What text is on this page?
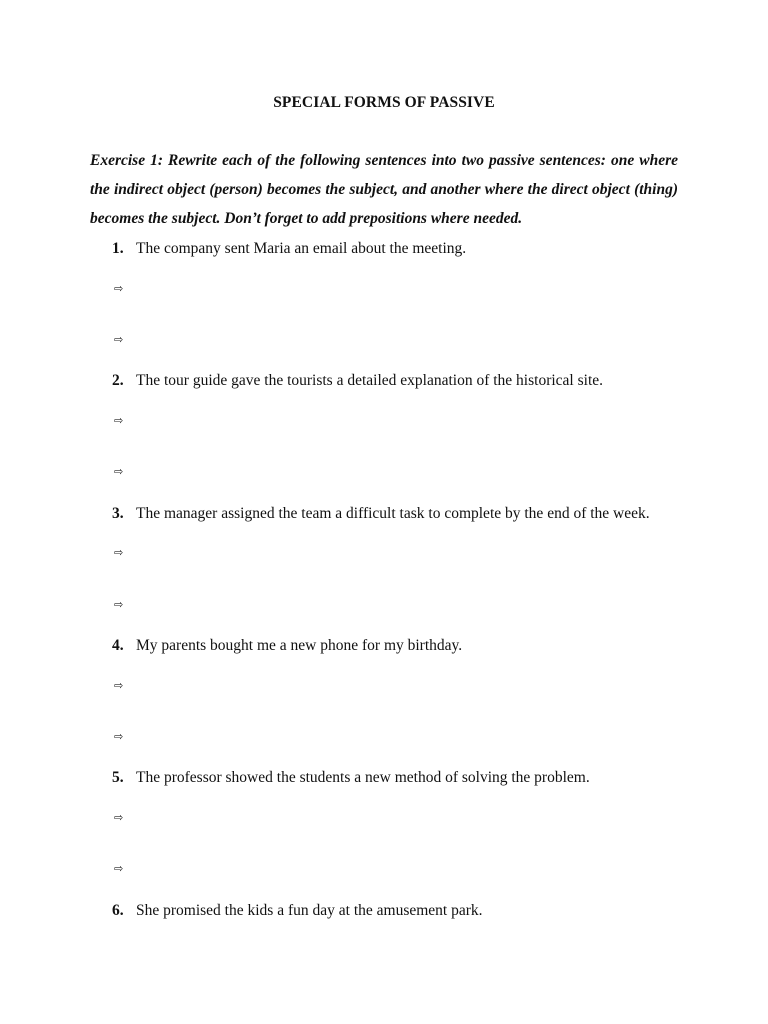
SPECIAL FORMS OF PASSIVE
Exercise 1: Rewrite each of the following sentences into two passive sentences: one where the indirect object (person) becomes the subject, and another where the direct object (thing) becomes the subject. Don’t forget to add prepositions where needed.
1. The company sent Maria an email about the meeting.
⇨
⇨
2. The tour guide gave the tourists a detailed explanation of the historical site.
⇨
⇨
3. The manager assigned the team a difficult task to complete by the end of the week.
⇨
⇨
4. My parents bought me a new phone for my birthday.
⇨
⇨
5. The professor showed the students a new method of solving the problem.
⇨
⇨
6. She promised the kids a fun day at the amusement park.
